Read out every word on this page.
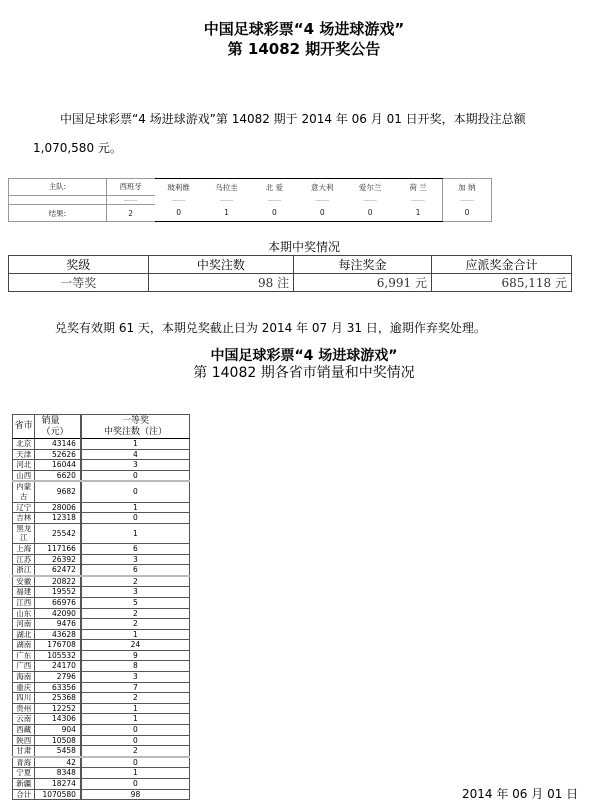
中国足球彩票“4 场进球游戏”
第 14082 期开奖公告
中国足球彩票“4 场进球游戏”第 14082 期于 2014 年 06 月 01 日开奖，本期投注总额
1,070,580 元。
主队:	西班牙	玻利维	乌拉圭	北 爱	意大利	爱尔兰	荷 兰	加 纳

	——	——	——	——	——	——	——	——

结果:	2	0	1	0	0	0	1	0
本期中奖情况
奖级	中奖注数	每注奖金	应派奖金合计
一等奖	98 注	6,991 元	685,118 元
兑奖有效期 61 天，本期兑奖截止日为 2014 年 07 月 31 日，逾期作弃奖处理。
中国足球彩票“4 场进球游戏”
第 14082 期各省市销量和中奖情况
省市	销量（元）	一等奖
中奖注数（注）

北京	43146	1
天津	52626	4
河北	16044	3
山西	6620	0
内蒙古	9682	0
辽宁	28006	1
吉林	12318	0
黑龙江	25542	1
上海	117166	6
江苏	26392	3
浙江	62472	6
安徽	20822	2
福建	19552	3
江西	66976	5
山东	42090	2
河南	9476	2
湖北	43628	1
湖南	176708	24
广东	105532	9
广西	24170	8
海南	2796	3
重庆	63356	7
四川	25368	2
贵州	12252	1
云南	14306	1
西藏	904	0
陕西	10508	0
甘肃	5458	2
青海	42	0
宁夏	8348	1
新疆	18274	0
合计	1070580	98	2014 年 06 月 01 日
